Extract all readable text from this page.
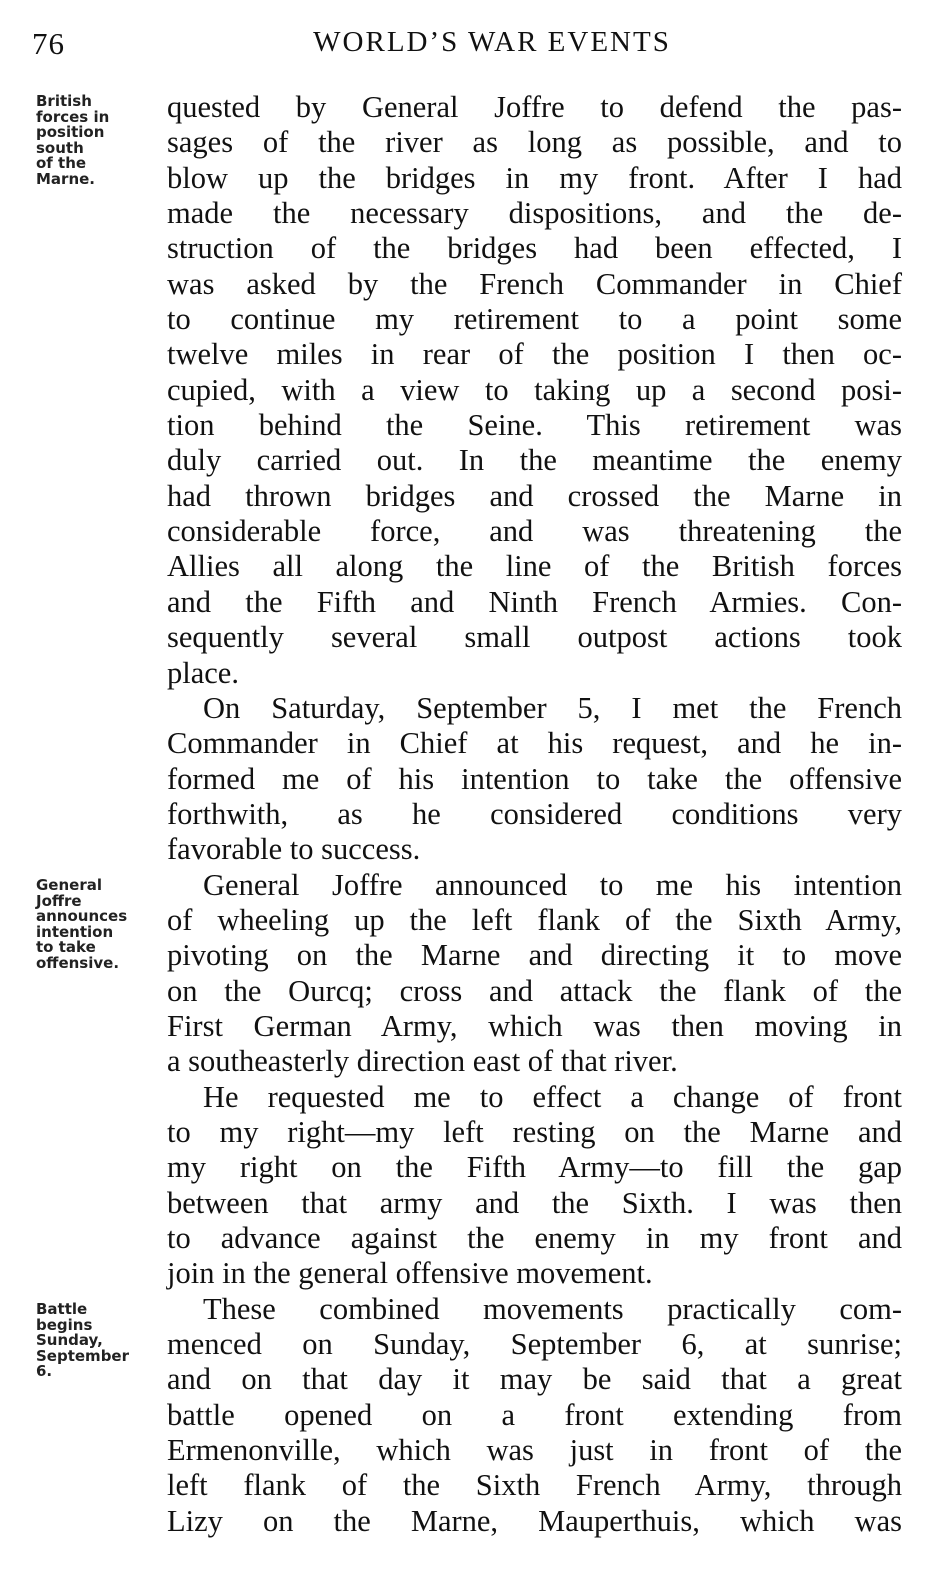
76	WORLD’S WAR EVENTS
British
forces in
position
south
of the
Marne.
General
Joffre
announces
intention
to take
offensive.
Battle
begins
Sunday,
September
6.
quested by General Joffre to defend the pas-
sages of the river as long as possible, and to
blow up the bridges in my front. After I had
made the necessary dispositions, and the de-
struction of the bridges had been effected, I
was asked by the French Commander in Chief
to continue my retirement to a point some
twelve miles in rear of the position I then oc-
cupied, with a view to taking up a second posi-
tion behind the Seine. This retirement was
duly carried out. In the meantime the enemy
had thrown bridges and crossed the Marne in
considerable force, and was threatening the
Allies all along the line of the British forces
and the Fifth and Ninth French Armies. Con-
sequently several small outpost actions took
place.
On Saturday, September 5, I met the French
Commander in Chief at his request, and he in-
formed me of his intention to take the offensive
forthwith, as he considered conditions very
favorable to success.
General Joffre announced to me his intention
of wheeling up the left flank of the Sixth Army,
pivoting on the Marne and directing it to move
on the Ourcq; cross and attack the flank of the
First German Army, which was then moving in
a southeasterly direction east of that river.
He requested me to effect a change of front
to my right—my left resting on the Marne and
my right on the Fifth Army—to fill the gap
between that army and the Sixth. I was then
to advance against the enemy in my front and
join in the general offensive movement.
These combined movements practically com-
menced on Sunday, September 6, at sunrise;
and on that day it may be said that a great
battle opened on a front extending from
Ermenonville, which was just in front of the
left flank of the Sixth French Army, through
Lizy on the Marne, Mauperthuis, which was
